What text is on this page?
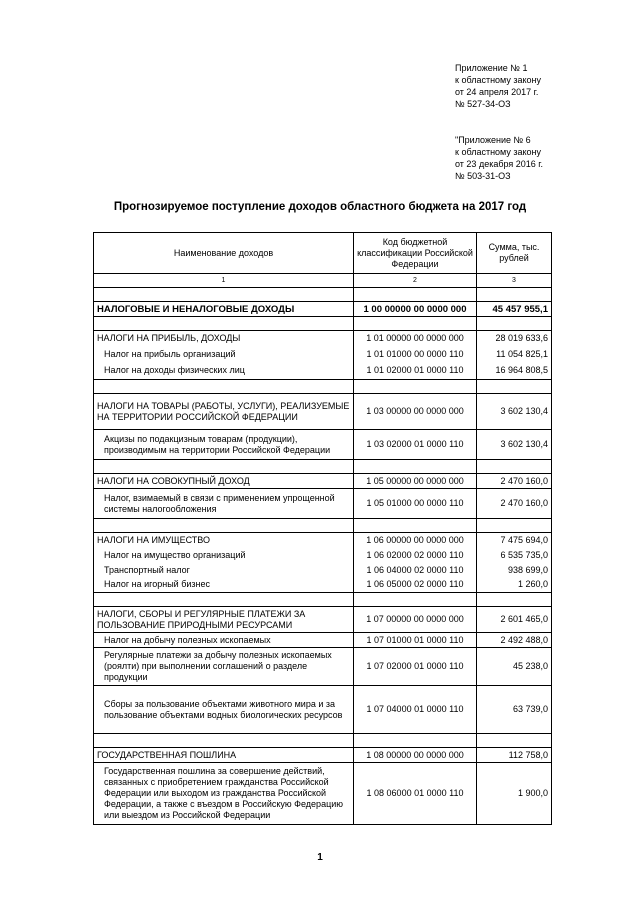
Приложение № 1
к областному закону
от 24 апреля 2017 г.
№ 527-34-ОЗ
"Приложение № 6
к областному закону
от 23 декабря 2016 г.
№ 503-31-ОЗ
Прогнозируемое поступление доходов областного бюджета на 2017 год
Наименование доходов	Код бюджетной классификации Российской Федерации	Сумма, тыс. рублей
1	2	3

НАЛОГОВЫЕ И НЕНАЛОГОВЫЕ ДОХОДЫ	1 00 00000 00 0000 000	45 457 955,1

НАЛОГИ НА ПРИБЫЛЬ, ДОХОДЫ	1 01 00000 00 0000 000	28 019 633,6
Налог на прибыль организаций	1 01 01000 00 0000 110	11 054 825,1
Налог на доходы физических лиц	1 01 02000 01 0000 110	16 964 808,5

НАЛОГИ НА ТОВАРЫ (РАБОТЫ, УСЛУГИ), РЕАЛИЗУЕМЫЕ НА ТЕРРИТОРИИ РОССИЙСКОЙ ФЕДЕРАЦИИ	1 03 00000 00 0000 000	3 602 130,4
Акцизы по подакцизным товарам (продукции), производимым на территории Российской Федерации	1 03 02000 01 0000 110	3 602 130,4

НАЛОГИ НА СОВОКУПНЫЙ ДОХОД	1 05 00000 00 0000 000	2 470 160,0
Налог, взимаемый в связи с применением упрощенной системы налогообложения	1 05 01000 00 0000 110	2 470 160,0

НАЛОГИ НА ИМУЩЕСТВО	1 06 00000 00 0000 000	7 475 694,0
Налог на имущество организаций	1 06 02000 02 0000 110	6 535 735,0
Транспортный налог	1 06 04000 02 0000 110	938 699,0
Налог на игорный бизнес	1 06 05000 02 0000 110	1 260,0

НАЛОГИ, СБОРЫ И РЕГУЛЯРНЫЕ ПЛАТЕЖИ ЗА ПОЛЬЗОВАНИЕ ПРИРОДНЫМИ РЕСУРСАМИ	1 07 00000 00 0000 000	2 601 465,0
Налог на добычу полезных ископаемых	1 07 01000 01 0000 110	2 492 488,0
Регулярные платежи за добычу полезных ископаемых (роялти) при выполнении соглашений о разделе продукции	1 07 02000 01 0000 110	45 238,0
Сборы за пользование объектами животного мира и за пользование объектами водных биологических ресурсов	1 07 04000 01 0000 110	63 739,0

ГОСУДАРСТВЕННАЯ ПОШЛИНА	1 08 00000 00 0000 000	112 758,0
Государственная пошлина за совершение действий, связанных с приобретением гражданства Российской Федерации или выходом из гражданства Российской Федерации, а также с въездом в Российскую Федерацию или выездом из Российской Федерации	1 08 06000 01 0000 110	1 900,0
1
